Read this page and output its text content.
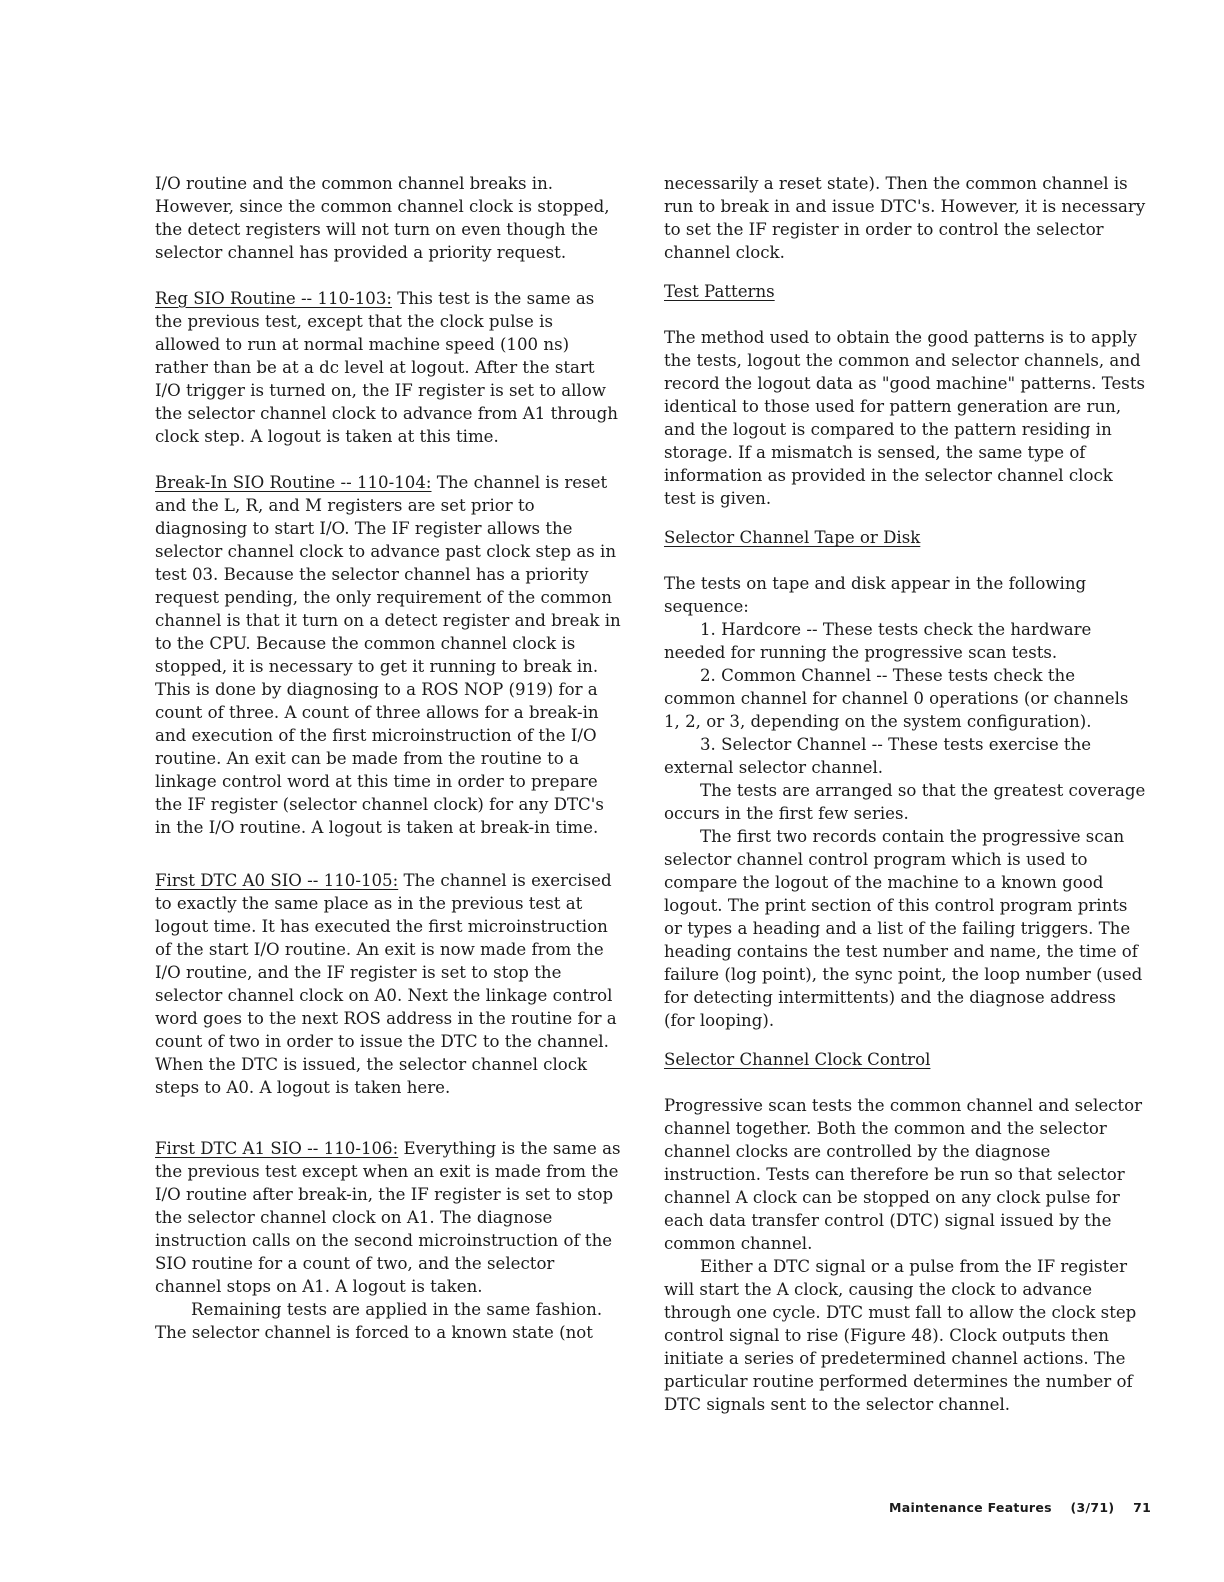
I/O routine and the common channel breaks in. However, since the common channel clock is stopped, the detect registers will not turn on even though the selector channel has provided a priority request.

Reg SIO Routine -- 110-103: This test is the same as the previous test, except that the clock pulse is allowed to run at normal machine speed (100 ns) rather than be at a dc level at logout. After the start I/O trigger is turned on, the IF register is set to allow the selector channel clock to advance from A1 through clock step. A logout is taken at this time.

Break-In SIO Routine -- 110-104: The channel is reset and the L, R, and M registers are set prior to diagnosing to start I/O. The IF register allows the selector channel clock to advance past clock step as in test 03. Because the selector channel has a priority request pending, the only requirement of the common channel is that it turn on a detect register and break in to the CPU. Because the common channel clock is stopped, it is necessary to get it running to break in. This is done by diagnosing to a ROS NOP (919) for a count of three. A count of three allows for a break-in and execution of the first microinstruction of the I/O routine. An exit can be made from the routine to a linkage control word at this time in order to prepare the IF register (selector channel clock) for any DTC's in the I/O routine. A logout is taken at break-in time.

First DTC A0 SIO -- 110-105: The channel is exercised to exactly the same place as in the previous test at logout time. It has executed the first microinstruction of the start I/O routine. An exit is now made from the I/O routine, and the IF register is set to stop the selector channel clock on A0. Next the linkage control word goes to the next ROS address in the routine for a count of two in order to issue the DTC to the channel. When the DTC is issued, the selector channel clock steps to A0. A logout is taken here.

First DTC A1 SIO -- 110-106: Everything is the same as the previous test except when an exit is made from the I/O routine after break-in, the IF register is set to stop the selector channel clock on A1. The diagnose instruction calls on the second microinstruction of the SIO routine for a count of two, and the selector channel stops on A1. A logout is taken.

Remaining tests are applied in the same fashion. The selector channel is forced to a known state (not

necessarily a reset state). Then the common channel is run to break in and issue DTC's. However, it is necessary to set the IF register in order to control the selector channel clock.

Test Patterns

The method used to obtain the good patterns is to apply the tests, logout the common and selector channels, and record the logout data as "good machine" patterns. Tests identical to those used for pattern generation are run, and the logout is compared to the pattern residing in storage. If a mismatch is sensed, the same type of information as provided in the selector channel clock test is given.

Selector Channel Tape or Disk

The tests on tape and disk appear in the following sequence:

1. Hardcore -- These tests check the hardware needed for running the progressive scan tests.

2. Common Channel -- These tests check the common channel for channel 0 operations (or channels 1, 2, or 3, depending on the system configuration).

3. Selector Channel -- These tests exercise the external selector channel.

The tests are arranged so that the greatest coverage occurs in the first few series.

The first two records contain the progressive scan selector channel control program which is used to compare the logout of the machine to a known good logout. The print section of this control program prints or types a heading and a list of the failing triggers. The heading contains the test number and name, the time of failure (log point), the sync point, the loop number (used for detecting intermittents) and the diagnose address (for looping).

Selector Channel Clock Control

Progressive scan tests the common channel and selector channel together. Both the common and the selector channel clocks are controlled by the diagnose instruction. Tests can therefore be run so that selector channel A clock can be stopped on any clock pulse for each data transfer control (DTC) signal issued by the common channel.

Either a DTC signal or a pulse from the IF register will start the A clock, causing the clock to advance through one cycle. DTC must fall to allow the clock step control signal to rise (Figure 48). Clock outputs then initiate a series of predetermined channel actions. The particular routine performed determines the number of DTC signals sent to the selector channel.

Maintenance Features (3/71) 71
